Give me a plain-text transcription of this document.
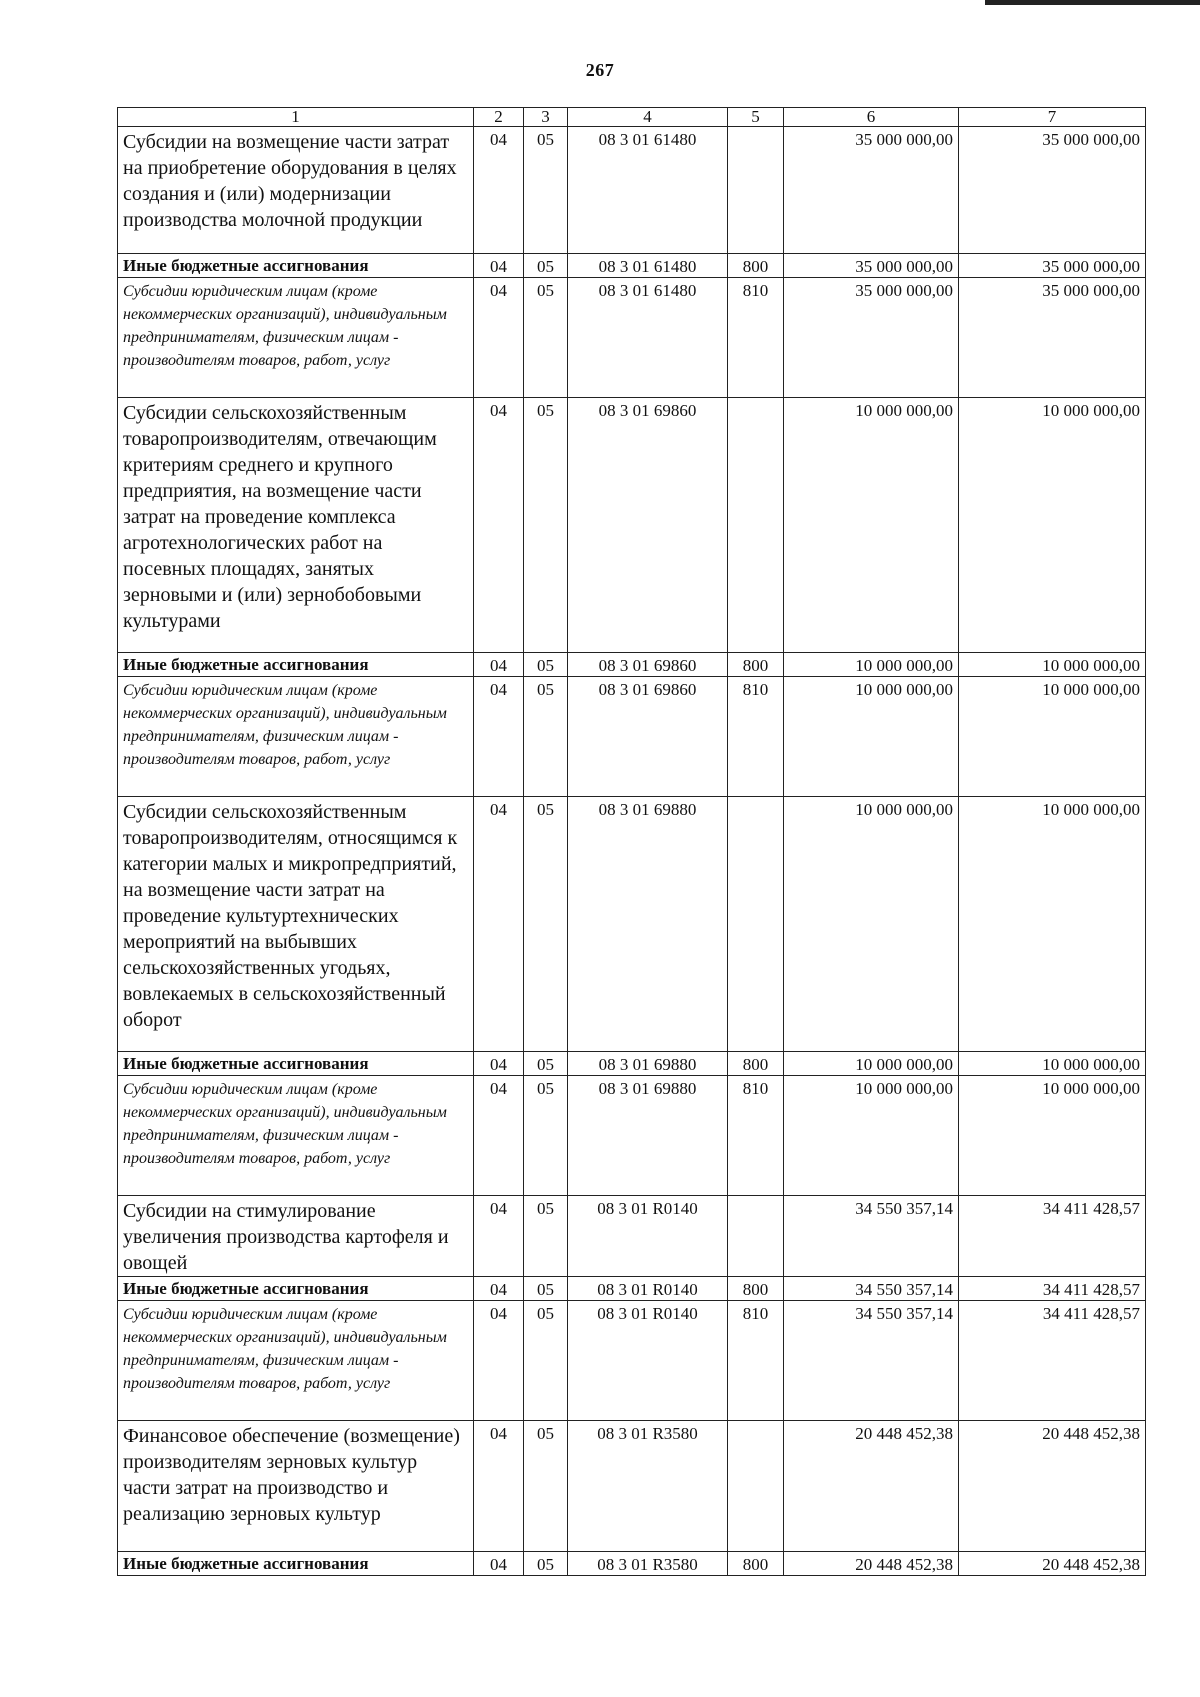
267
1	2	3	4	5	6	7
Субсидии на возмещение части затрат на приобретение оборудования в целях создания и (или) модернизации производства молочной продукции	04	05	08 3 01 61480		35 000 000,00	35 000 000,00
Иные бюджетные ассигнования	04	05	08 3 01 61480	800	35 000 000,00	35 000 000,00
Субсидии юридическим лицам (кроме некоммерческих организаций), индивидуальным предпринимателям, физическим лицам - производителям товаров, работ, услуг	04	05	08 3 01 61480	810	35 000 000,00	35 000 000,00
Субсидии сельскохозяйственным товаропроизводителям, отвечающим критериям среднего и крупного предприятия, на возмещение части затрат на проведение комплекса агротехнологических работ на посевных площадях, занятых зерновыми и (или) зернобобовыми культурами	04	05	08 3 01 69860		10 000 000,00	10 000 000,00
Иные бюджетные ассигнования	04	05	08 3 01 69860	800	10 000 000,00	10 000 000,00
Субсидии юридическим лицам (кроме некоммерческих организаций), индивидуальным предпринимателям, физическим лицам - производителям товаров, работ, услуг	04	05	08 3 01 69860	810	10 000 000,00	10 000 000,00
Субсидии сельскохозяйственным товаропроизводителям, относящимся к категории малых и микропредприятий, на возмещение части затрат на проведение культуртехнических мероприятий на выбывших сельскохозяйственных угодьях, вовлекаемых в сельскохозяйственный оборот	04	05	08 3 01 69880		10 000 000,00	10 000 000,00
Иные бюджетные ассигнования	04	05	08 3 01 69880	800	10 000 000,00	10 000 000,00
Субсидии юридическим лицам (кроме некоммерческих организаций), индивидуальным предпринимателям, физическим лицам - производителям товаров, работ, услуг	04	05	08 3 01 69880	810	10 000 000,00	10 000 000,00
Субсидии на стимулирование увеличения производства картофеля и овощей	04	05	08 3 01 R0140		34 550 357,14	34 411 428,57
Иные бюджетные ассигнования	04	05	08 3 01 R0140	800	34 550 357,14	34 411 428,57
Субсидии юридическим лицам (кроме некоммерческих организаций), индивидуальным предпринимателям, физическим лицам - производителям товаров, работ, услуг	04	05	08 3 01 R0140	810	34 550 357,14	34 411 428,57
Финансовое обеспечение (возмещение) производителям зерновых культур части затрат на производство и реализацию зерновых культур	04	05	08 3 01 R3580		20 448 452,38	20 448 452,38
Иные бюджетные ассигнования	04	05	08 3 01 R3580	800	20 448 452,38	20 448 452,38
